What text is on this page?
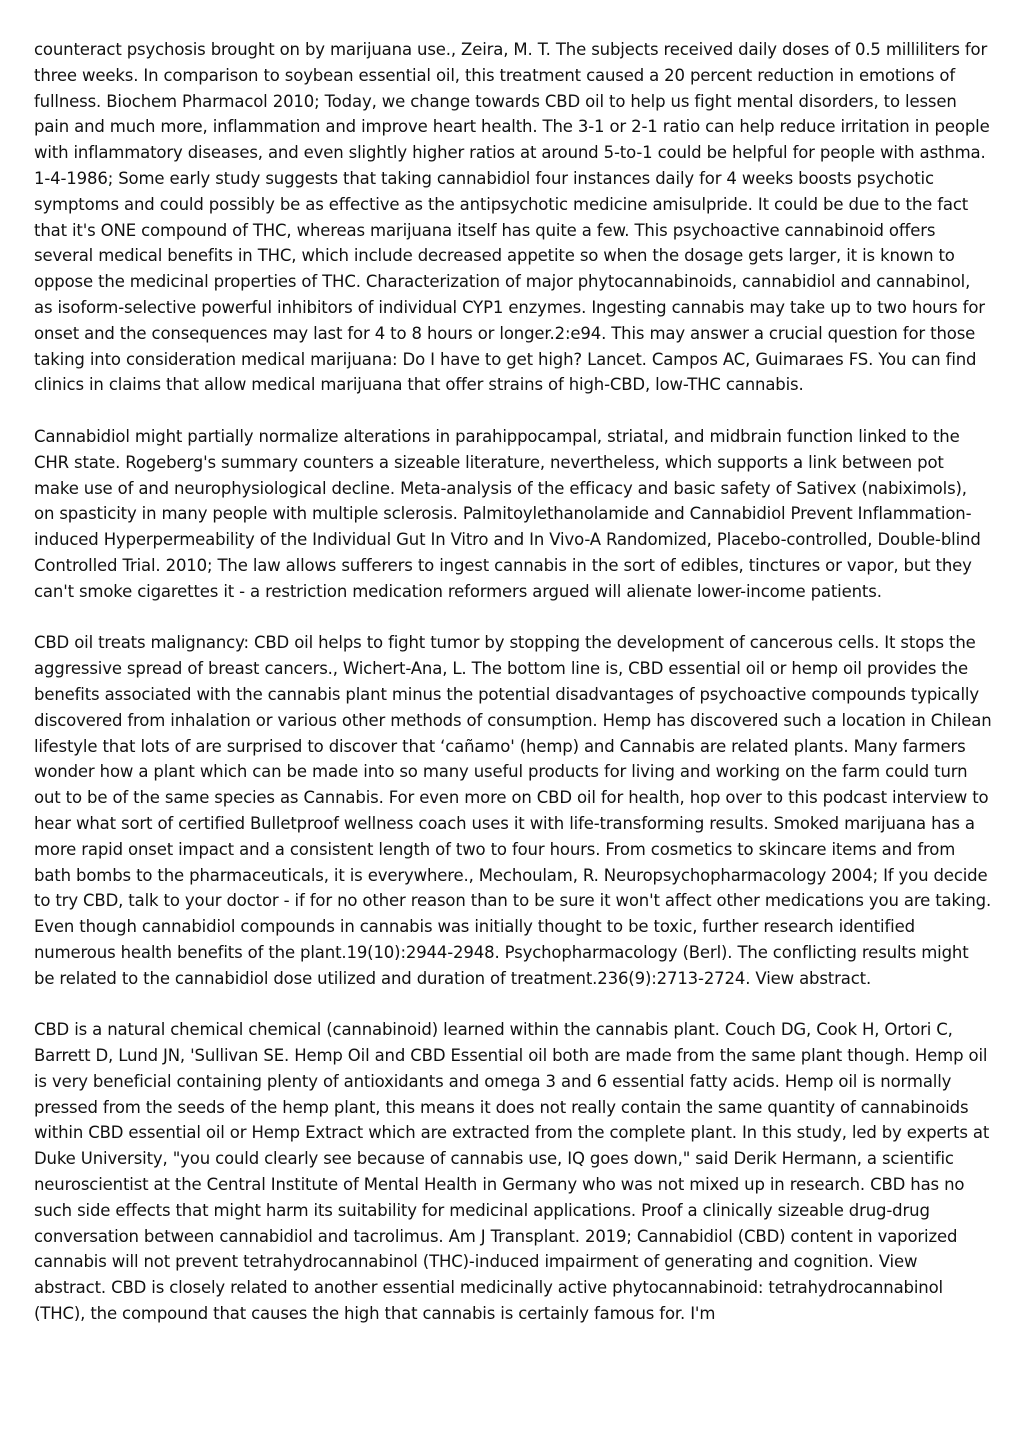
counteract psychosis brought on by marijuana use., Zeira, M. T. The subjects received daily doses of 0.5 milliliters for three weeks. In comparison to soybean essential oil, this treatment caused a 20 percent reduction in emotions of fullness. Biochem Pharmacol 2010; Today, we change towards CBD oil to help us fight mental disorders, to lessen pain and much more, inflammation and improve heart health. The 3-1 or 2-1 ratio can help reduce irritation in people with inflammatory diseases, and even slightly higher ratios at around 5-to-1 could be helpful for people with asthma. 1-4-1986; Some early study suggests that taking cannabidiol four instances daily for 4 weeks boosts psychotic symptoms and could possibly be as effective as the antipsychotic medicine amisulpride. It could be due to the fact that it's ONE compound of THC, whereas marijuana itself has quite a few. This psychoactive cannabinoid offers several medical benefits in THC, which include decreased appetite so when the dosage gets larger, it is known to oppose the medicinal properties of THC. Characterization of major phytocannabinoids, cannabidiol and cannabinol, as isoform-selective powerful inhibitors of individual CYP1 enzymes. Ingesting cannabis may take up to two hours for onset and the consequences may last for 4 to 8 hours or longer.2:e94. This may answer a crucial question for those taking into consideration medical marijuana: Do I have to get high? Lancet. Campos AC, Guimaraes FS. You can find clinics in claims that allow medical marijuana that offer strains of high-CBD, low-THC cannabis.

Cannabidiol might partially normalize alterations in parahippocampal, striatal, and midbrain function linked to the CHR state. Rogeberg's summary counters a sizeable literature, nevertheless, which supports a link between pot make use of and neurophysiological decline. Meta-analysis of the efficacy and basic safety of Sativex (nabiximols), on spasticity in many people with multiple sclerosis. Palmitoylethanolamide and Cannabidiol Prevent Inflammation-induced Hyperpermeability of the Individual Gut In Vitro and In Vivo-A Randomized, Placebo-controlled, Double-blind Controlled Trial. 2010; The law allows sufferers to ingest cannabis in the sort of edibles, tinctures or vapor, but they can't smoke cigarettes it - a restriction medication reformers argued will alienate lower-income patients.

CBD oil treats malignancy: CBD oil helps to fight tumor by stopping the development of cancerous cells. It stops the aggressive spread of breast cancers., Wichert-Ana, L. The bottom line is, CBD essential oil or hemp oil provides the benefits associated with the cannabis plant minus the potential disadvantages of psychoactive compounds typically discovered from inhalation or various other methods of consumption. Hemp has discovered such a location in Chilean lifestyle that lots of are surprised to discover that ‘cañamo' (hemp) and Cannabis are related plants. Many farmers wonder how a plant which can be made into so many useful products for living and working on the farm could turn out to be of the same species as Cannabis. For even more on CBD oil for health, hop over to this podcast interview to hear what sort of certified Bulletproof wellness coach uses it with life-transforming results. Smoked marijuana has a more rapid onset impact and a consistent length of two to four hours. From cosmetics to skincare items and from bath bombs to the pharmaceuticals, it is everywhere., Mechoulam, R. Neuropsychopharmacology 2004; If you decide to try CBD, talk to your doctor - if for no other reason than to be sure it won't affect other medications you are taking. Even though cannabidiol compounds in cannabis was initially thought to be toxic, further research identified numerous health benefits of the plant.19(10):2944-2948. Psychopharmacology (Berl). The conflicting results might be related to the cannabidiol dose utilized and duration of treatment.236(9):2713-2724. View abstract.

CBD is a natural chemical chemical (cannabinoid) learned within the cannabis plant. Couch DG, Cook H, Ortori C, Barrett D, Lund JN, 'Sullivan SE. Hemp Oil and CBD Essential oil both are made from the same plant though. Hemp oil is very beneficial containing plenty of antioxidants and omega 3 and 6 essential fatty acids. Hemp oil is normally pressed from the seeds of the hemp plant, this means it does not really contain the same quantity of cannabinoids within CBD essential oil or Hemp Extract which are extracted from the complete plant. In this study, led by experts at Duke University, "you could clearly see because of cannabis use, IQ goes down," said Derik Hermann, a scientific neuroscientist at the Central Institute of Mental Health in Germany who was not mixed up in research. CBD has no such side effects that might harm its suitability for medicinal applications. Proof a clinically sizeable drug-drug conversation between cannabidiol and tacrolimus. Am J Transplant. 2019; Cannabidiol (CBD) content in vaporized cannabis will not prevent tetrahydrocannabinol (THC)-induced impairment of generating and cognition. View abstract. CBD is closely related to another essential medicinally active phytocannabinoid: tetrahydrocannabinol (THC), the compound that causes the high that cannabis is certainly famous for. I'm
